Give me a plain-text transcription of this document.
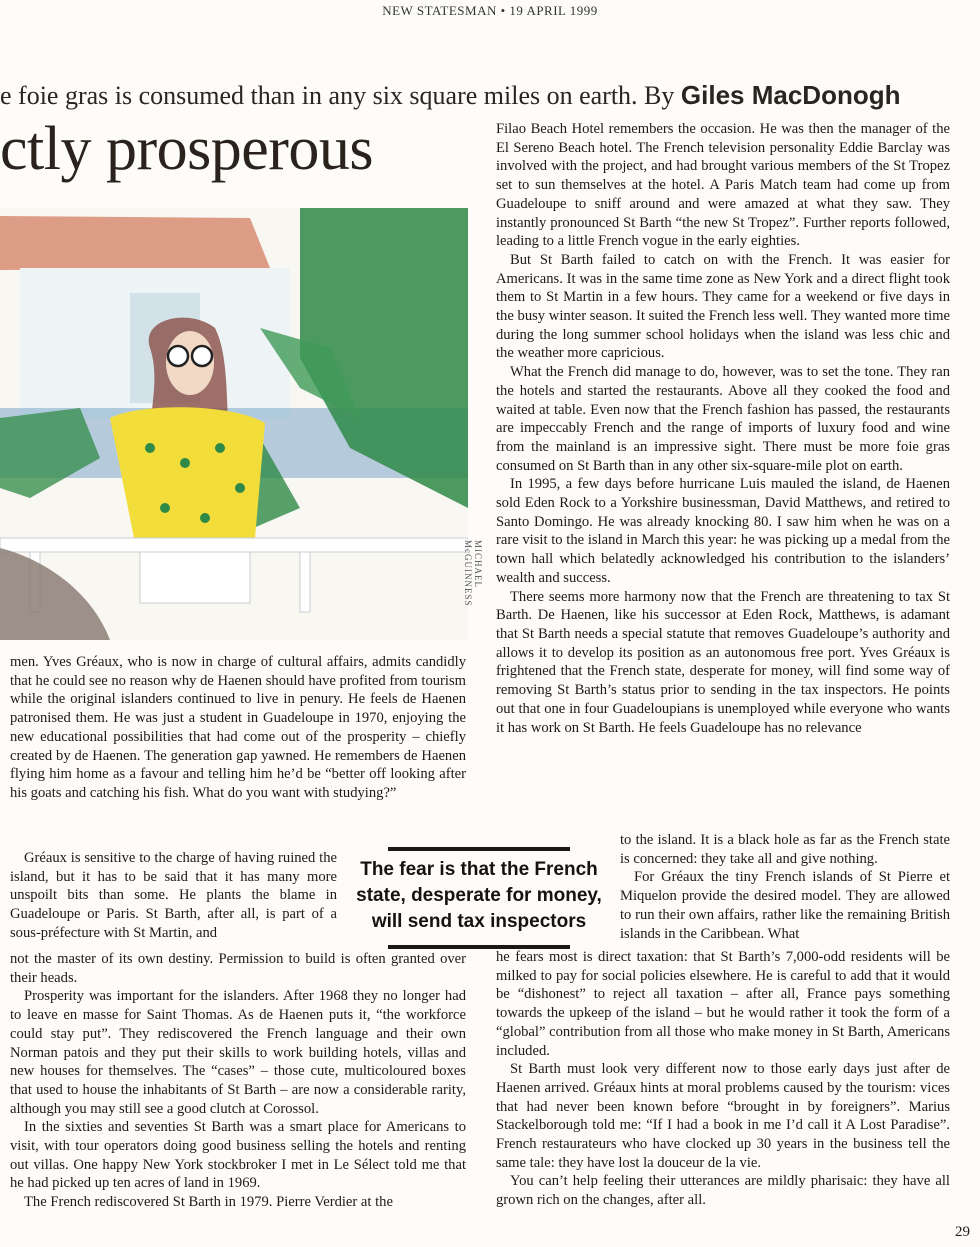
NEW STATESMAN • 19 APRIL 1999
e foie gras is consumed than in any six square miles on earth. By Giles MacDonogh
ctly prosperous
MICHAEL McGUINNESS

Filao Beach Hotel remembers the occasion. He was then the manager of the El Sereno Beach hotel. The French television personality Eddie Barclay was involved with the project, and had brought various members of the St Tropez set to sun themselves at the hotel. A Paris Match team had come up from Guadeloupe to sniff around and were amazed at what they saw. They instantly pronounced St Barth “the new St Tropez”. Further reports followed, leading to a little French vogue in the early eighties.

But St Barth failed to catch on with the French. It was easier for Americans. It was in the same time zone as New York and a direct flight took them to St Martin in a few hours. They came for a weekend or five days in the busy winter season. It suited the French less well. They wanted more time during the long summer school holidays when the island was less chic and the weather more capricious.

What the French did manage to do, however, was to set the tone. They ran the hotels and started the restaurants. Above all they cooked the food and waited at table. Even now that the French fashion has passed, the restaurants are impeccably French and the range of imports of luxury food and wine from the mainland is an impressive sight. There must be more foie gras consumed on St Barth than in any other six-square-mile plot on earth.

In 1995, a few days before hurricane Luis mauled the island, de Haenen sold Eden Rock to a Yorkshire businessman, David Matthews, and retired to Santo Domingo. He was already knocking 80. I saw him when he was on a rare visit to the island in March this year: he was picking up a medal from the town hall which belatedly acknowledged his contribution to the islanders’ wealth and success.

There seems more harmony now that the French are threatening to tax St Barth. De Haenen, like his successor at Eden Rock, Matthews, is adamant that St Barth needs a special statute that removes Guadeloupe’s authority and allows it to develop its position as an autonomous free port. Yves Gréaux is frightened that the French state, desperate for money, will find some way of removing St Barth’s status prior to sending in the tax inspectors. He points out that one in four Guadeloupians is unemployed while everyone who wants it has work on St Barth. He feels Guadeloupe has no relevance

to the island. It is a black hole as far as the French state is concerned: they take all and give nothing.

For Gréaux the tiny French islands of St Pierre et Miquelon provide the desired model. They are allowed to run their own affairs, rather like the remaining British islands in the Caribbean. What

he fears most is direct taxation: that St Barth’s 7,000-odd residents will be milked to pay for social policies elsewhere. He is careful to add that it would be “dishonest” to reject all taxation – after all, France pays something towards the upkeep of the island – but he would rather it took the form of a “global” contribution from all those who make money in St Barth, Americans included.

St Barth must look very different now to those early days just after de Haenen arrived. Gréaux hints at moral problems caused by the tourism: vices that had never been known before “brought in by foreigners”. Marius Stackelborough told me: “If I had a book in me I’d call it A Lost Paradise”. French restaurateurs who have clocked up 30 years in the business tell the same tale: they have lost la douceur de la vie.

You can’t help feeling their utterances are mildly pharisaic: they have all grown rich on the changes, after all.

men. Yves Gréaux, who is now in charge of cultural affairs, admits candidly that he could see no reason why de Haenen should have profited from tourism while the original islanders continued to live in penury. He feels de Haenen patronised them. He was just a student in Guadeloupe in 1970, enjoying the new educational possibilities that had come out of the prosperity – chiefly created by de Haenen. The generation gap yawned. He remembers de Haenen flying him home as a favour and telling him he’d be “better off looking after his goats and catching his fish. What do you want with studying?”

Gréaux is sensitive to the charge of having ruined the island, but it has to be said that it has many more unspoilt bits than some. He plants the blame in Guadeloupe or Paris. St Barth, after all, is part of a sous-préfecture with St Martin, and

The fear is that the French state, desperate for money, will send tax inspectors

not the master of its own destiny. Permission to build is often granted over their heads.

Prosperity was important for the islanders. After 1968 they no longer had to leave en masse for Saint Thomas. As de Haenen puts it, “the workforce could stay put”. They rediscovered the French language and their own Norman patois and they put their skills to work building hotels, villas and new houses for themselves. The “cases” – those cute, multicoloured boxes that used to house the inhabitants of St Barth – are now a considerable rarity, although you may still see a good clutch at Corossol.

In the sixties and seventies St Barth was a smart place for Americans to visit, with tour operators doing good business selling the hotels and renting out villas. One happy New York stockbroker I met in Le Sélect told me that he had picked up ten acres of land in 1969.

The French rediscovered St Barth in 1979. Pierre Verdier at the

29
